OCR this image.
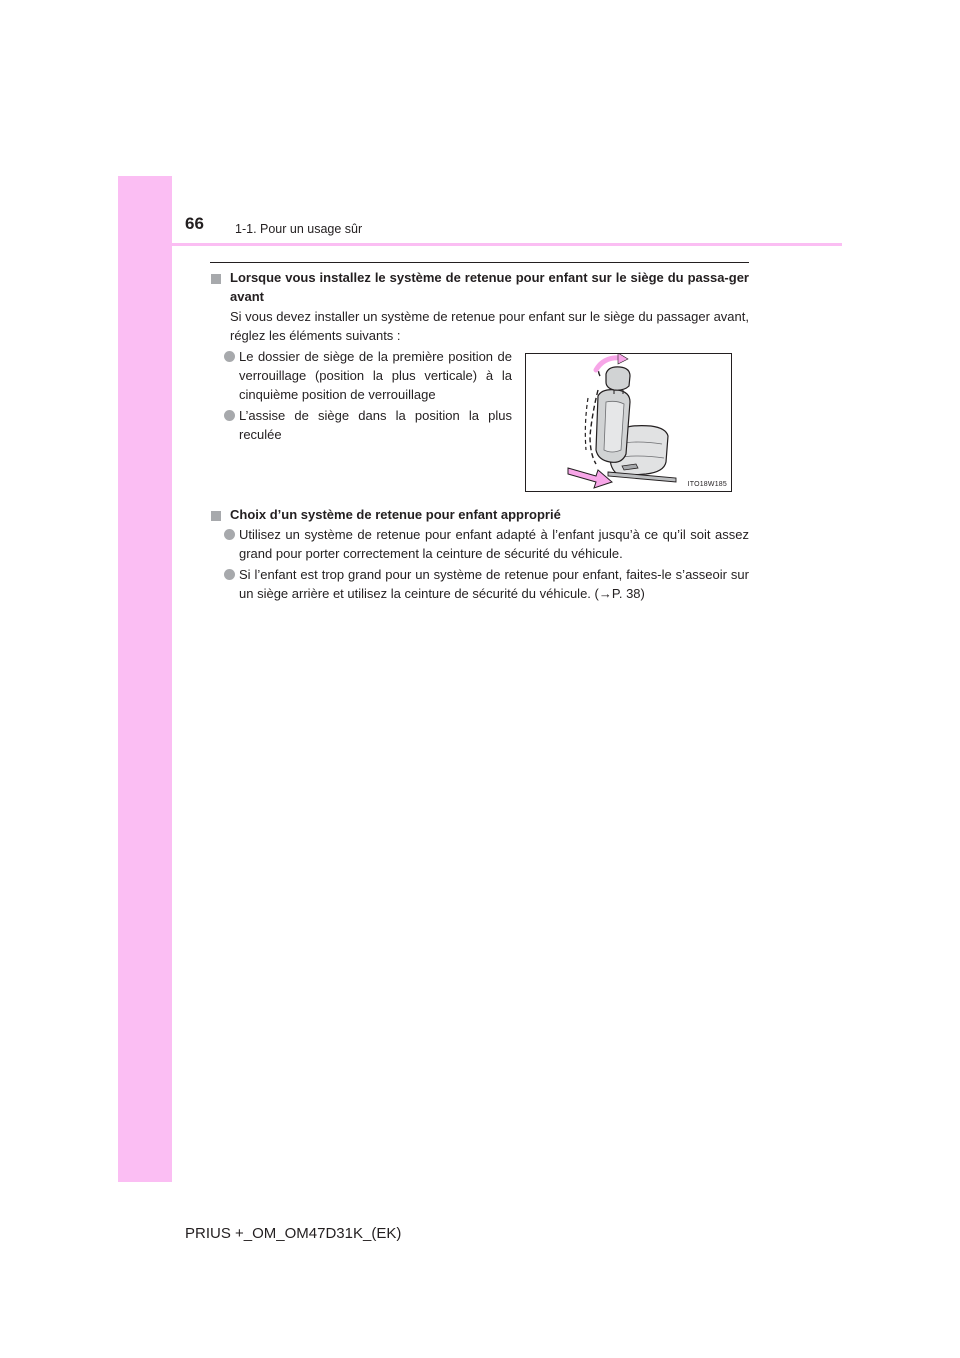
66 1-1. Pour un usage sûr
Lorsque vous installez le système de retenue pour enfant sur le siège du passa-ger avant
Si vous devez installer un système de retenue pour enfant sur le siège du passager avant, réglez les éléments suivants :
Le dossier de siège de la première position de verrouillage (position la plus verticale) à la cinquième position de verrouillage
L’assise de siège dans la position la plus reculée
ITO18W185
Choix d’un système de retenue pour enfant approprié
Utilisez un système de retenue pour enfant adapté à l’enfant jusqu’à ce qu’il soit assez grand pour porter correctement la ceinture de sécurité du véhicule.
Si l’enfant est trop grand pour un système de retenue pour enfant, faites-le s’asseoir sur un siège arrière et utilisez la ceinture de sécurité du véhicule. (→P. 38)
PRIUS +_OM_OM47D31K_(EK)
